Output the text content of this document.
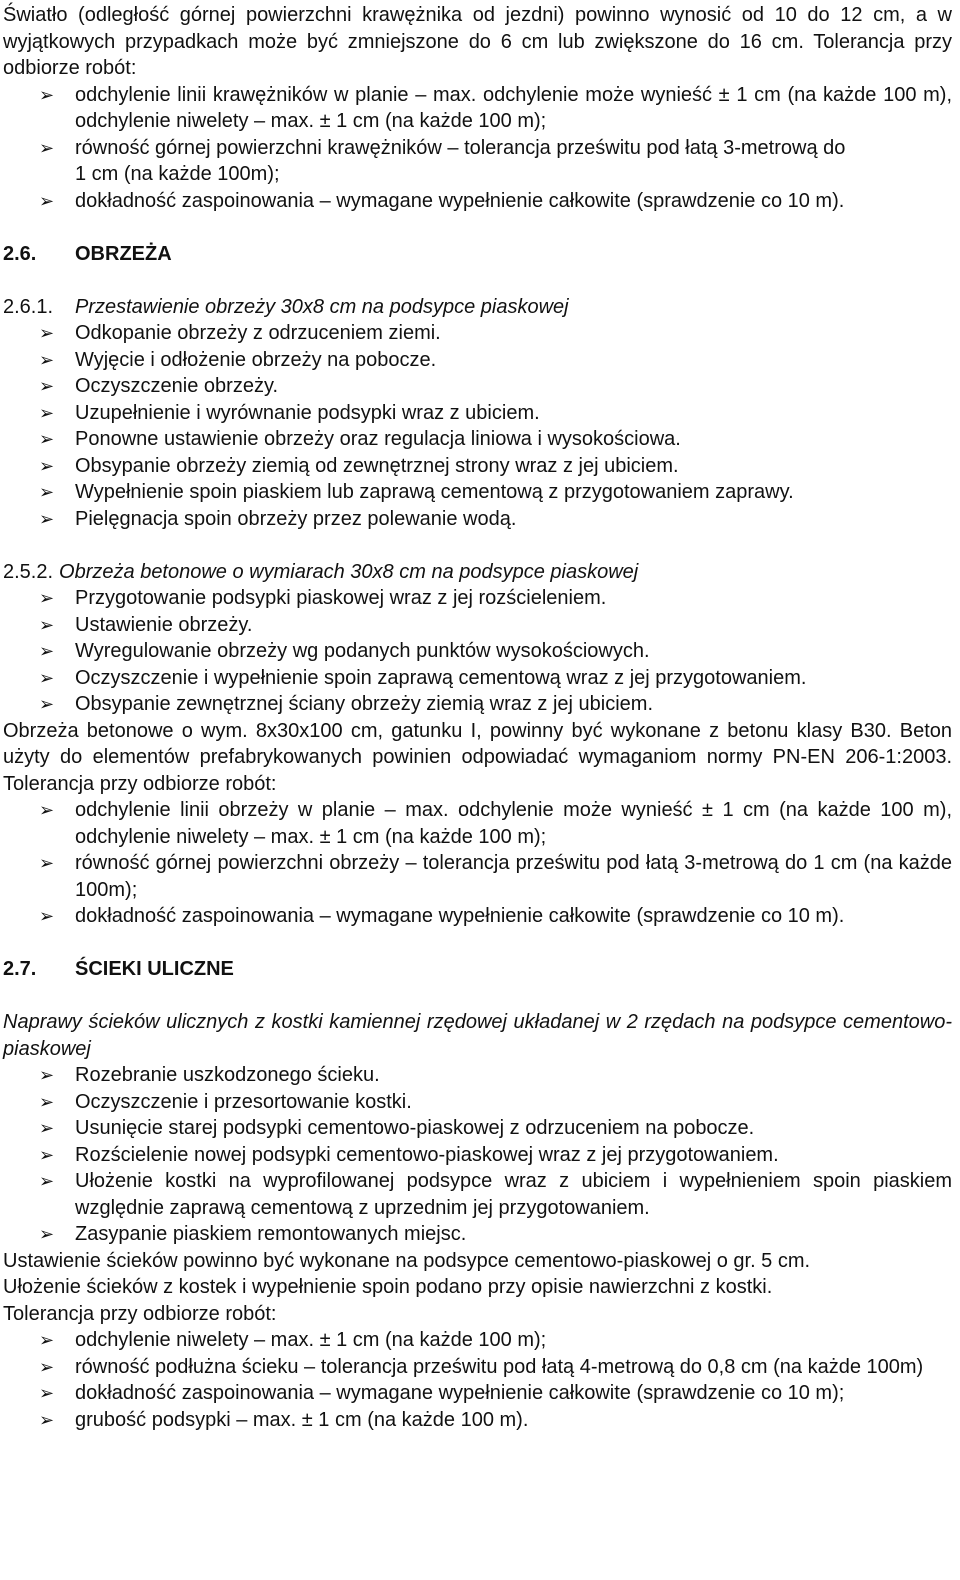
Światło (odległość górnej powierzchni krawężnika od jezdni) powinno wynosić od 10 do 12 cm, a w wyjątkowych przypadkach może być zmniejszone do 6 cm lub zwiększone do 16 cm. Tolerancja przy odbiorze robót:

➢ odchylenie linii krawężników w planie – max. odchylenie może wynieść ± 1 cm (na każde 100 m), odchylenie niwelety – max. ± 1 cm (na każde 100 m);
➢ równość górnej powierzchni krawężników – tolerancja prześwitu pod łatą 3-metrową do
1 cm (na każde 100m);
➢ dokładność zaspoinowania – wymagane wypełnienie całkowite (sprawdzenie co 10 m).
2.6.	OBRZEŻA
2.6.1.	Przestawienie obrzeży 30x8 cm na podsypce piaskowej
➢ Odkopanie obrzeży z odrzuceniem ziemi.
➢ Wyjęcie i odłożenie obrzeży na pobocze.
➢ Oczyszczenie obrzeży.
➢ Uzupełnienie i wyrównanie podsypki wraz z ubiciem.
➢ Ponowne ustawienie obrzeży oraz regulacja liniowa i wysokościowa.
➢ Obsypanie obrzeży ziemią od zewnętrznej strony wraz z jej ubiciem.
➢ Wypełnienie spoin piaskiem lub zaprawą cementową z przygotowaniem zaprawy.
➢ Pielęgnacja spoin obrzeży przez polewanie wodą.
2.5.2. Obrzeża betonowe o wymiarach 30x8 cm na podsypce piaskowej
➢ Przygotowanie podsypki piaskowej wraz z jej rozścieleniem.
➢ Ustawienie obrzeży.
➢ Wyregulowanie obrzeży wg podanych punktów wysokościowych.
➢ Oczyszczenie i wypełnienie spoin zaprawą cementową wraz z jej przygotowaniem.
➢ Obsypanie zewnętrznej ściany obrzeży ziemią wraz z jej ubiciem.

Obrzeża betonowe o wym. 8x30x100 cm, gatunku I, powinny być wykonane z betonu klasy B30. Beton użyty do elementów prefabrykowanych powinien odpowiadać wymaganiom normy PN-EN 206-1:2003. Tolerancja przy odbiorze robót:

➢ odchylenie linii obrzeży w planie – max. odchylenie może wynieść ± 1 cm (na każde 100 m), odchylenie niwelety – max. ± 1 cm (na każde 100 m);
➢ równość górnej powierzchni obrzeży – tolerancja prześwitu pod łatą 3-metrową do 1 cm (na każde 100m);
➢ dokładność zaspoinowania – wymagane wypełnienie całkowite (sprawdzenie co 10 m).
2.7.	ŚCIEKI ULICZNE

Naprawy ścieków ulicznych z kostki kamiennej rzędowej układanej w 2 rzędach na podsypce cementowo-piaskowej

➢ Rozebranie uszkodzonego ścieku.
➢ Oczyszczenie i przesortowanie kostki.
➢ Usunięcie starej podsypki cementowo-piaskowej z odrzuceniem na pobocze.
➢ Rozścielenie nowej podsypki cementowo-piaskowej wraz z jej przygotowaniem.
➢ Ułożenie kostki na wyprofilowanej podsypce wraz z ubiciem i wypełnieniem spoin piaskiem względnie zaprawą cementową z uprzednim jej przygotowaniem.
➢ Zasypanie piaskiem remontowanych miejsc.

Ustawienie ścieków powinno być wykonane na podsypce cementowo-piaskowej o gr. 5 cm.

Ułożenie ścieków z kostek i wypełnienie spoin podano przy opisie nawierzchni z kostki.

Tolerancja przy odbiorze robót:

➢ odchylenie niwelety – max. ± 1 cm (na każde 100 m);
➢ równość podłużna ścieku – tolerancja prześwitu pod łatą 4-metrową do 0,8 cm (na każde 100m)
➢ dokładność zaspoinowania – wymagane wypełnienie całkowite (sprawdzenie co 10 m);
➢ grubość podsypki – max. ± 1 cm (na każde 100 m).
